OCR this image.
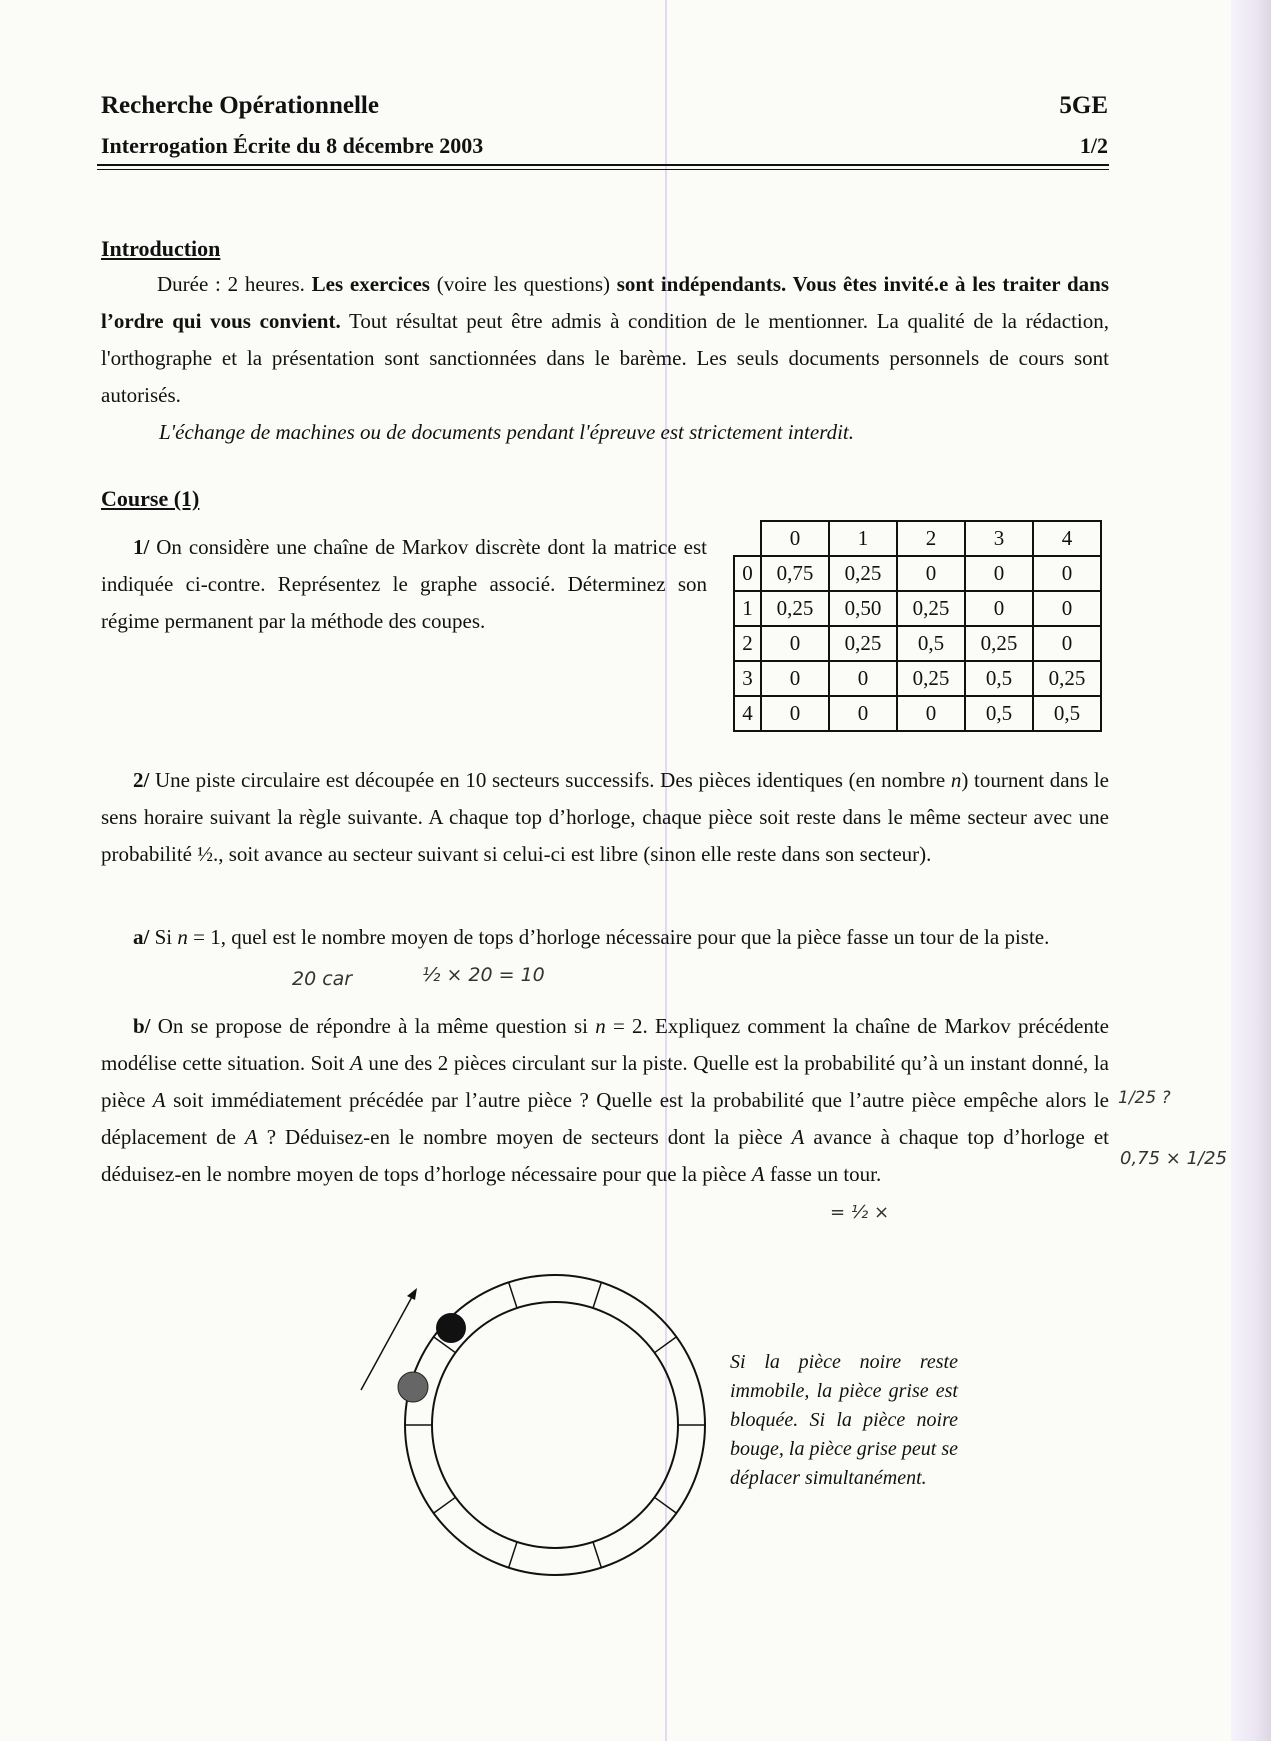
Recherche Opérationnelle	5GE
Interrogation Écrite du 8 décembre 2003	1/2
Introduction
Durée : 2 heures. Les exercices (voire les questions) sont indépendants. Vous êtes invité.e à les traiter dans l’ordre qui vous convient. Tout résultat peut être admis à condition de le mentionner. La qualité de la rédaction, l'orthographe et la présentation sont sanctionnées dans le barème. Les seuls documents personnels de cours sont autorisés.
L'échange de machines ou de documents pendant l'épreuve est strictement interdit.
Course (1)
1/ On considère une chaîne de Markov discrète dont la matrice est indiquée ci-contre. Représentez le graphe associé. Déterminez son régime permanent par la méthode des coupes.
	0	1	2	3	4
0	0,75	0,25	0	0	0
1	0,25	0,50	0,25	0	0
2	0	0,25	0,5	0,25	0
3	0	0	0,25	0,5	0,25
4	0	0	0	0,5	0,5
2/ Une piste circulaire est découpée en 10 secteurs successifs. Des pièces identiques (en nombre n) tournent dans le sens horaire suivant la règle suivante. A chaque top d’horloge, chaque pièce soit reste dans le même secteur avec une probabilité ½., soit avance au secteur suivant si celui-ci est libre (sinon elle reste dans son secteur).
a/ Si n = 1, quel est le nombre moyen de tops d’horloge nécessaire pour que la pièce fasse un tour de la piste.
b/ On se propose de répondre à la même question si n = 2. Expliquez comment la chaîne de Markov précédente modélise cette situation. Soit A une des 2 pièces circulant sur la piste. Quelle est la probabilité qu’à un instant donné, la pièce A soit immédiatement précédée par l’autre pièce ? Quelle est la probabilité que l’autre pièce empêche alors le déplacement de A ? Déduisez-en le nombre moyen de secteurs dont la pièce A avance à chaque top d’horloge et déduisez-en le nombre moyen de tops d’horloge nécessaire pour que la pièce A fasse un tour.
20 car	½ × 20 = 10
1/25 ?
0,75 × 1/25
= ½ ×
Si la pièce noire reste immobile, la pièce grise est bloquée. Si la pièce noire bouge, la pièce grise peut se déplacer simultanément.
